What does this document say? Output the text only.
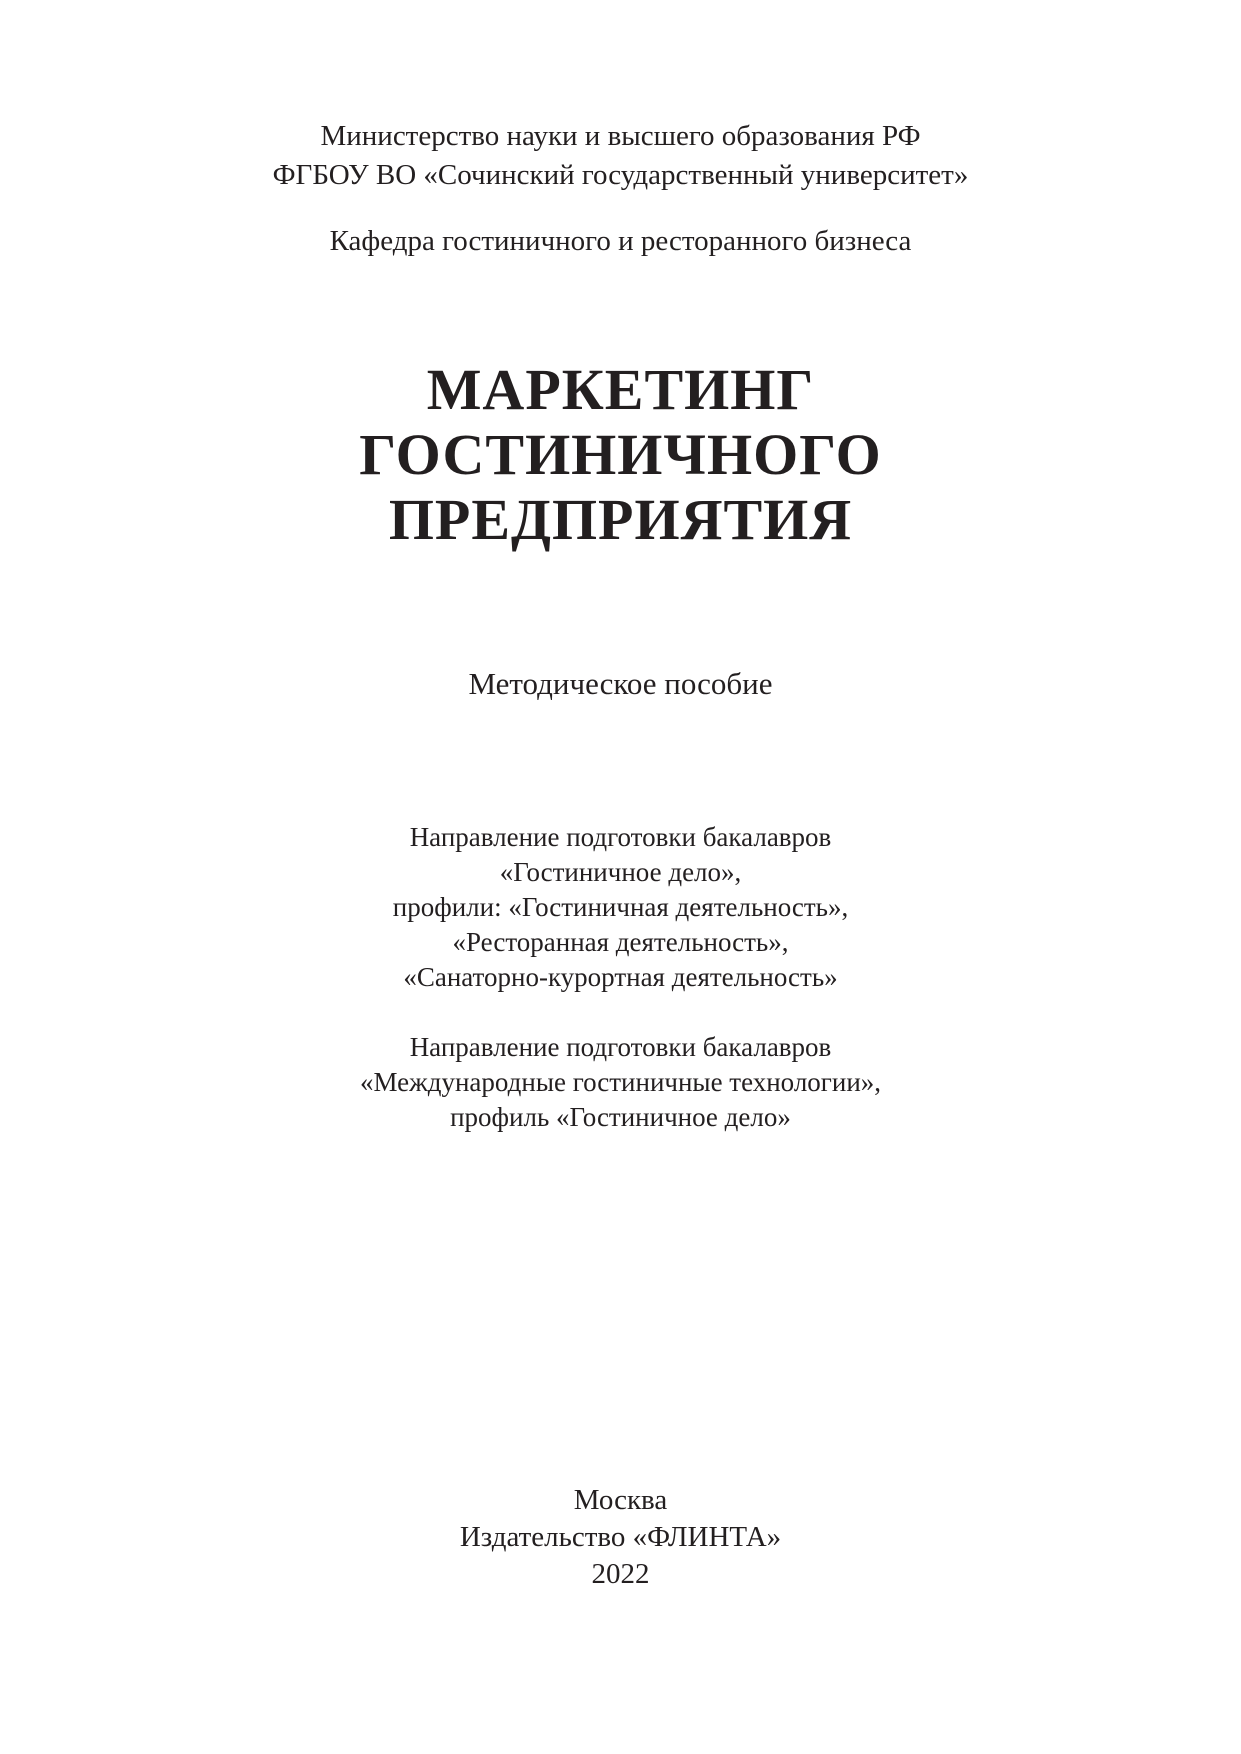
Министерство науки и высшего образования РФ
ФГБОУ ВО «Сочинский государственный университет»
Кафедра гостиничного и ресторанного бизнеса
МАРКЕТИНГ
ГОСТИНИЧНОГО
ПРЕДПРИЯТИЯ
Методическое пособие
Направление подготовки бакалавров
«Гостиничное дело»,
профили: «Гостиничная деятельность»,
«Ресторанная деятельность»,
«Санаторно-курортная деятельность»
Направление подготовки бакалавров
«Международные гостиничные технологии»,
профиль «Гостиничное дело»
Москва
Издательство «ФЛИНТА»
2022
